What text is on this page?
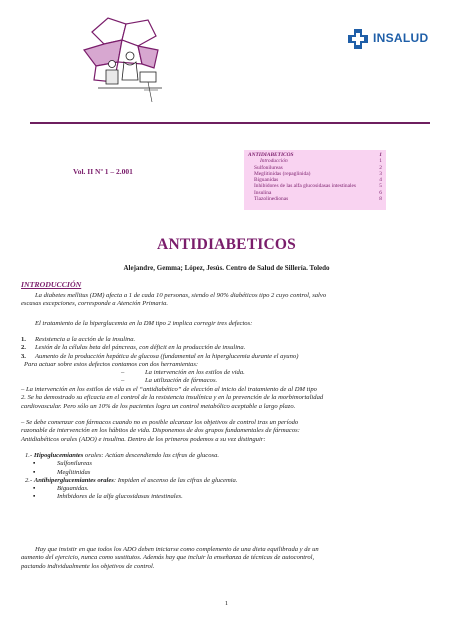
INSALUD
Vol. II Nº 1 – 2.001
ANTIDIABETICOS	1
Introducción	1
Sulfonilureas	2
Meglitinidas (repaglinida)	3
Biguanidas	4
Inhibidores de las alfa glucosidasas intestinales	5
Insulina	6
Tiazolinedionas	8
ANTIDIABETICOS
Alejandre, Gemma; López, Jesús. Centro de Salud de Sillería. Toledo
INTRODUCCIÓN
La diabetes mellitus (DM) afecta a 1 de cada 10 personas, siendo el 90% diabéticos tipo 2 cuyo control, salvo
escasas excepciones, corresponde a Atención Primaria.
El tratamiento de la hiperglucemia en la DM tipo 2 implica corregir tres defectos:
1. Resistencia a la acción de la insulina.
2. Lesión de la células beta del páncreas, con déficit en la producción de insulina.
3. Aumento de la producción hepática de glucosa (fundamental en la hiperglucemia durante el ayuno)
Para actuar sobre estos defectos contamos con dos herramientas:
–	La intervención en los estilos de vida.
–	La utilización de fármacos.
– La intervención en los estilos de vida es el “antidiabético” de elección al inicio del tratamiento de al DM tipo
2. Se ha demostrado su eficacia en el control de la resistencia insulínica y en la prevención de la morbimortalidad
cardiovascular. Pero sólo un 10% de los pacientes logra un control metabólico aceptable a largo plazo.
– Se debe comenzar con fármacos cuando no es posible alcanzar los objetivos de control tras un período
razonable de intervención en los hábitos de vida. Disponemos de dos grupos fundamentales de fármacos:
Antidiabéticos orales (ADO) e insulina. Dentro de los primeros podemos a su vez distinguir:
1.- Hipoglucemiantes orales: Actúan descendiendo las cifras de glucosa.
▪	Sulfonilureas
▪	Meglitinidas
2.- Antihiperglucemiantes orales: Impiden el ascenso de las cifras de glucemia.
▪	Biguanidas.
▪	Inhibidores de la alfa glucosidasas intestinales.
Hay que insistir en que todos los ADO deben iniciarse como complemento de una dieta equilibrada y de un
aumento del ejercicio, nunca como sustitutos. Además hay que incluir la enseñanza de técnicas de autocontrol,
pactando individualmente los objetivos de control.
1
